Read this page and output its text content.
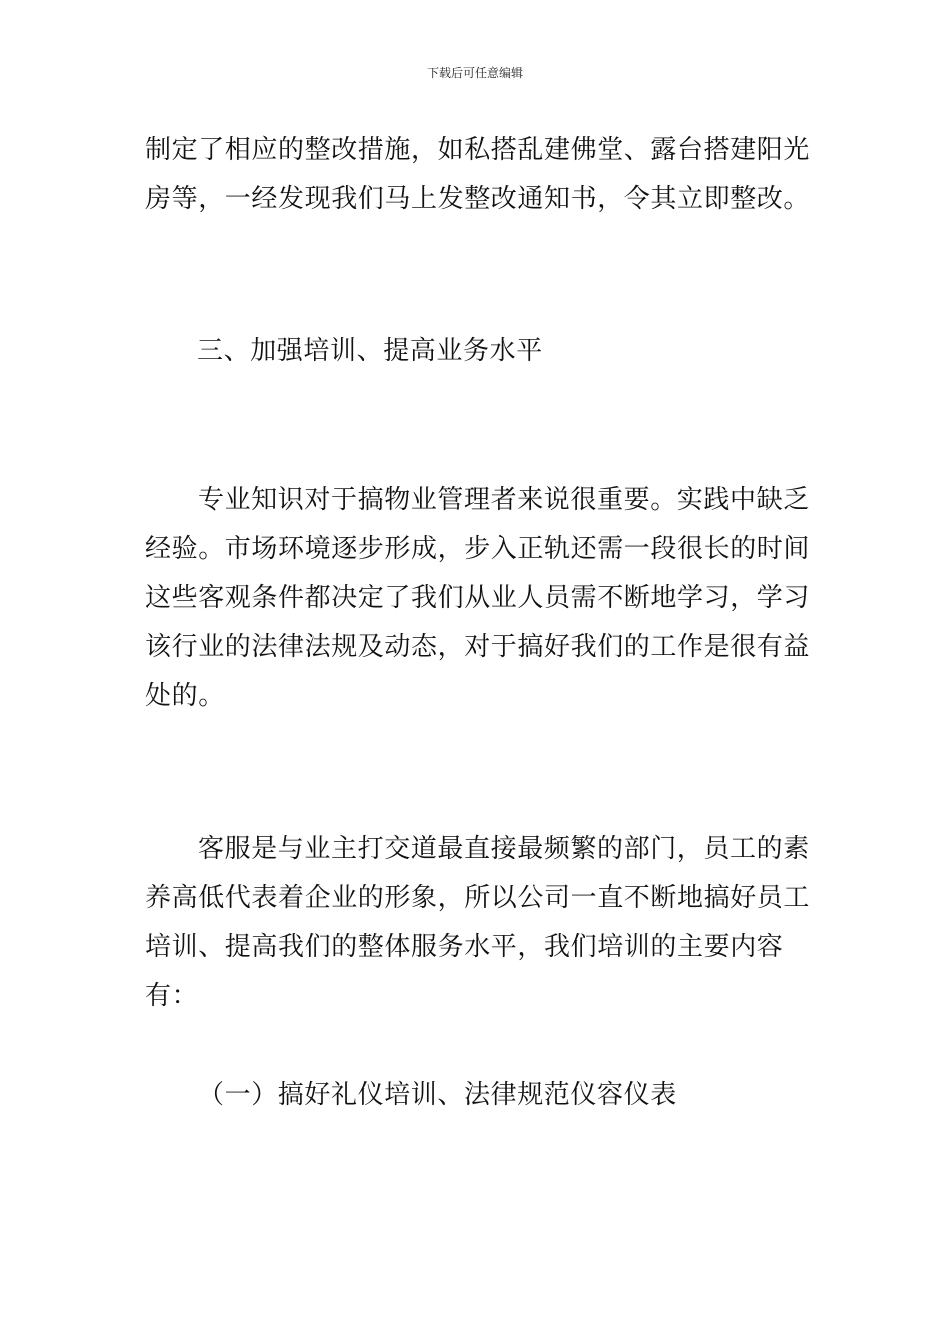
下载后可任意编辑

制定了相应的整改措施，如私搭乱建佛堂、露台搭建阳光房等，一经发现我们马上发整改通知书，令其立即整改。

三、加强培训、提高业务水平

专业知识对于搞物业管理者来说很重要。实践中缺乏经验。市场环境逐步形成，步入正轨还需一段很长的时间这些客观条件都决定了我们从业人员需不断地学习，学习该行业的法律法规及动态，对于搞好我们的工作是很有益处的。

客服是与业主打交道最直接最频繁的部门，员工的素养高低代表着企业的形象，所以公司一直不断地搞好员工培训、提高我们的整体服务水平，我们培训的主要内容有：

（一）搞好礼仪培训、法律规范仪容仪表
